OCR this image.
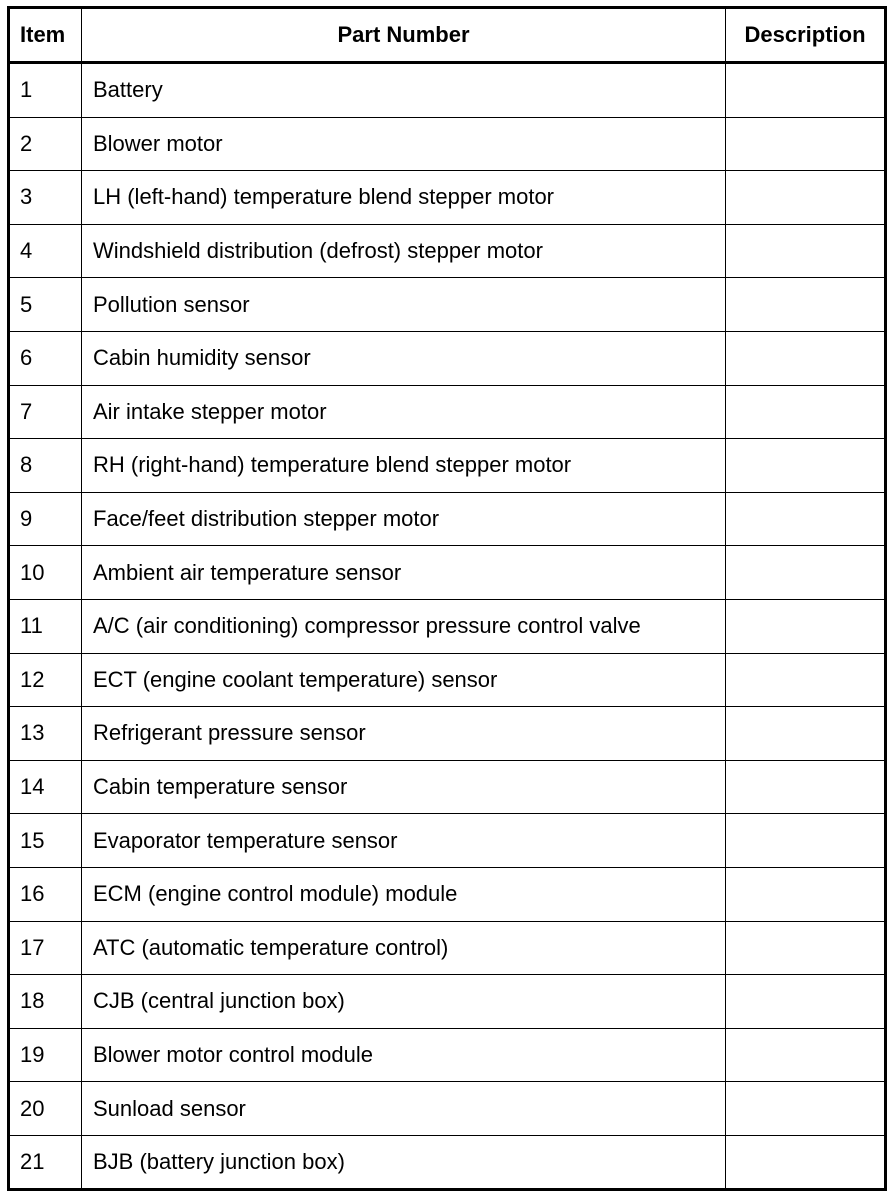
Item	Part Number	Description
1	Battery	
2	Blower motor	
3	LH (left-hand) temperature blend stepper motor	
4	Windshield distribution (defrost) stepper motor	
5	Pollution sensor	
6	Cabin humidity sensor	
7	Air intake stepper motor	
8	RH (right-hand) temperature blend stepper motor	
9	Face/feet distribution stepper motor	
10	Ambient air temperature sensor	
11	A/C (air conditioning) compressor pressure control valve	
12	ECT (engine coolant temperature) sensor	
13	Refrigerant pressure sensor	
14	Cabin temperature sensor	
15	Evaporator temperature sensor	
16	ECM (engine control module) module	
17	ATC (automatic temperature control)	
18	CJB (central junction box)	
19	Blower motor control module	
20	Sunload sensor	
21	BJB (battery junction box)	
